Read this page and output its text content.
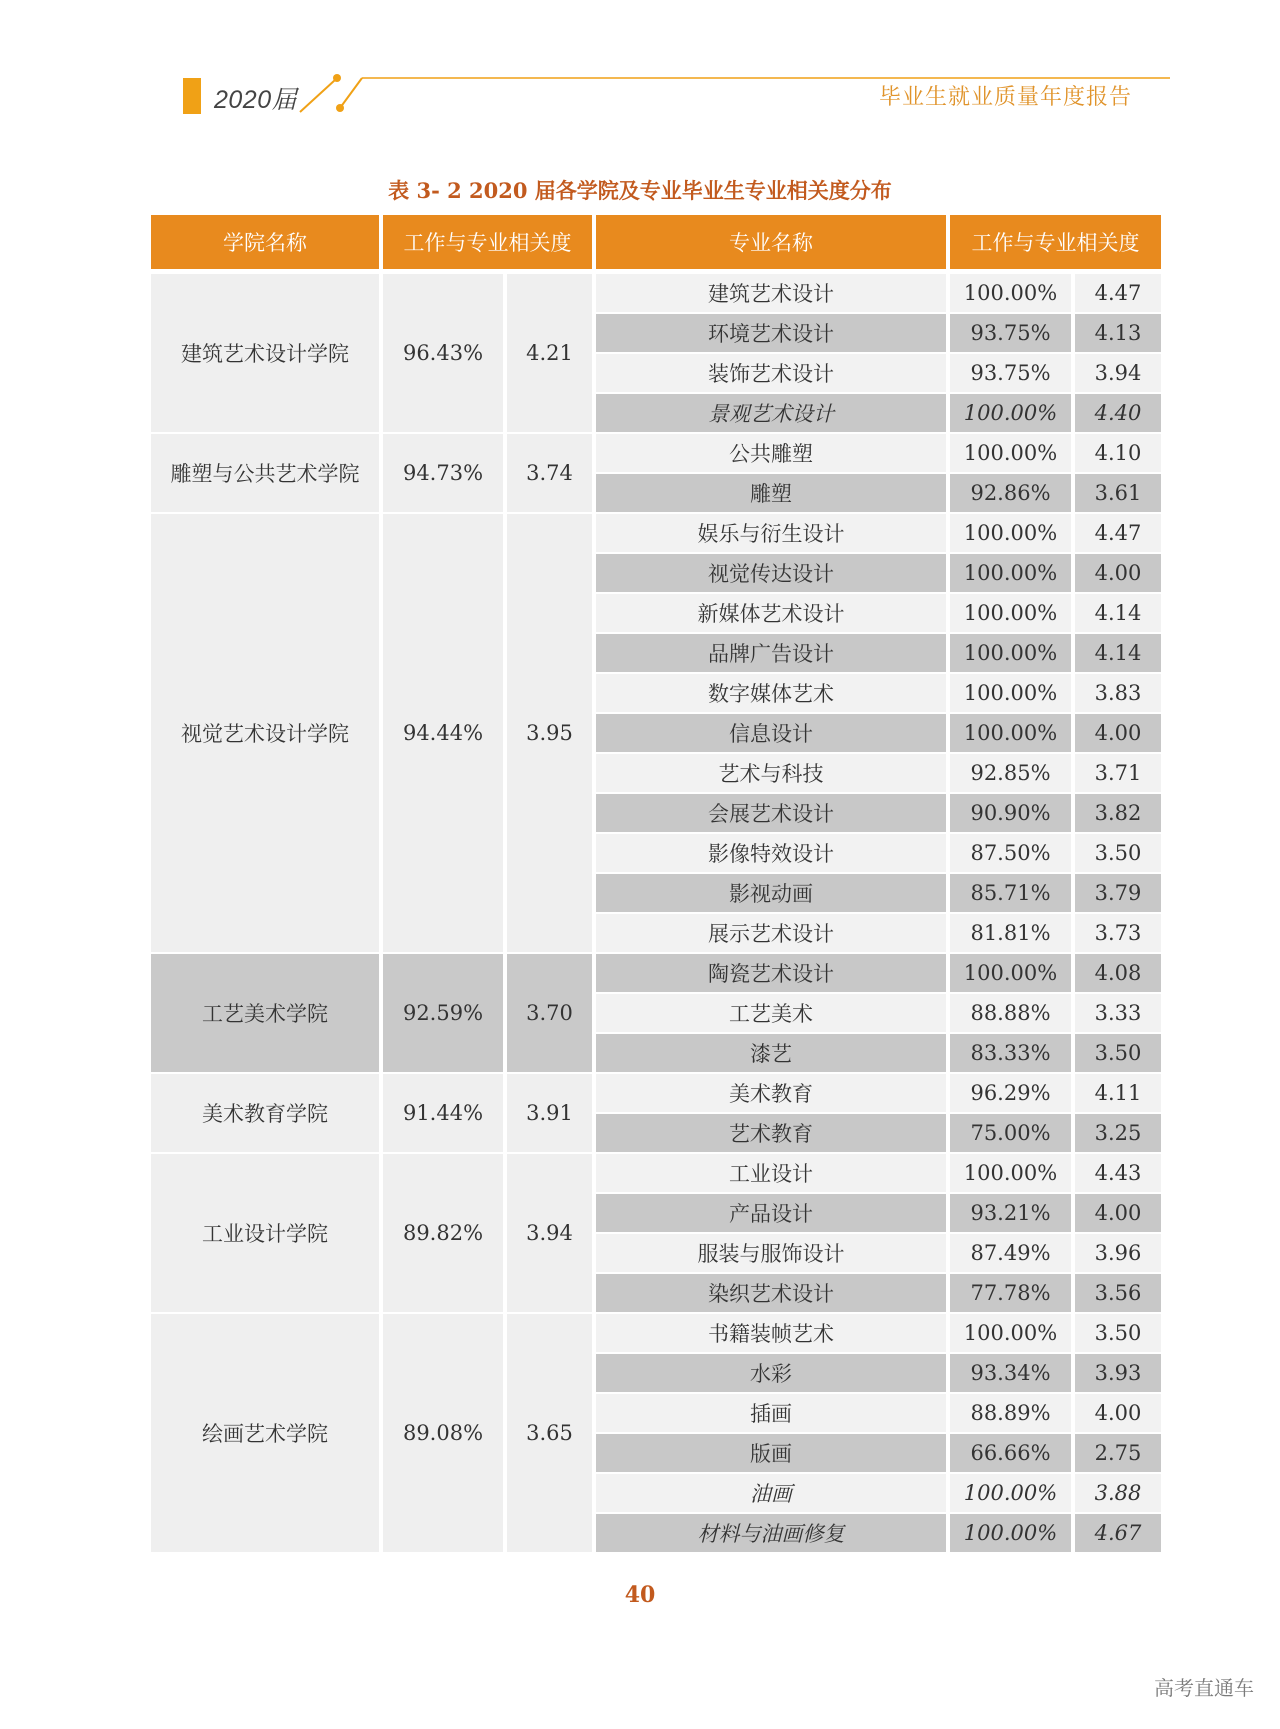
2020届	毕业生就业质量年度报告
表 3- 2 2020 届各学院及专业毕业生专业相关度分布
学院名称	工作与专业相关度	专业名称	工作与专业相关度
建筑艺术设计学院	96.43%	4.21
建筑艺术设计	100.00%	4.47
环境艺术设计	93.75%	4.13
装饰艺术设计	93.75%	3.94
景观艺术设计	100.00%	4.40
雕塑与公共艺术学院	94.73%	3.74
公共雕塑	100.00%	4.10
雕塑	92.86%	3.61
视觉艺术设计学院	94.44%	3.95
娱乐与衍生设计	100.00%	4.47
视觉传达设计	100.00%	4.00
新媒体艺术设计	100.00%	4.14
品牌广告设计	100.00%	4.14
数字媒体艺术	100.00%	3.83
信息设计	100.00%	4.00
艺术与科技	92.85%	3.71
会展艺术设计	90.90%	3.82
影像特效设计	87.50%	3.50
影视动画	85.71%	3.79
展示艺术设计	81.81%	3.73
工艺美术学院	92.59%	3.70
陶瓷艺术设计	100.00%	4.08
工艺美术	88.88%	3.33
漆艺	83.33%	3.50
美术教育学院	91.44%	3.91
美术教育	96.29%	4.11
艺术教育	75.00%	3.25
工业设计学院	89.82%	3.94
工业设计	100.00%	4.43
产品设计	93.21%	4.00
服装与服饰设计	87.49%	3.96
染织艺术设计	77.78%	3.56
绘画艺术学院	89.08%	3.65
书籍装帧艺术	100.00%	3.50
水彩	93.34%	3.93
插画	88.89%	4.00
版画	66.66%	2.75
油画	100.00%	3.88
材料与油画修复	100.00%	4.67
40
高考直通车
